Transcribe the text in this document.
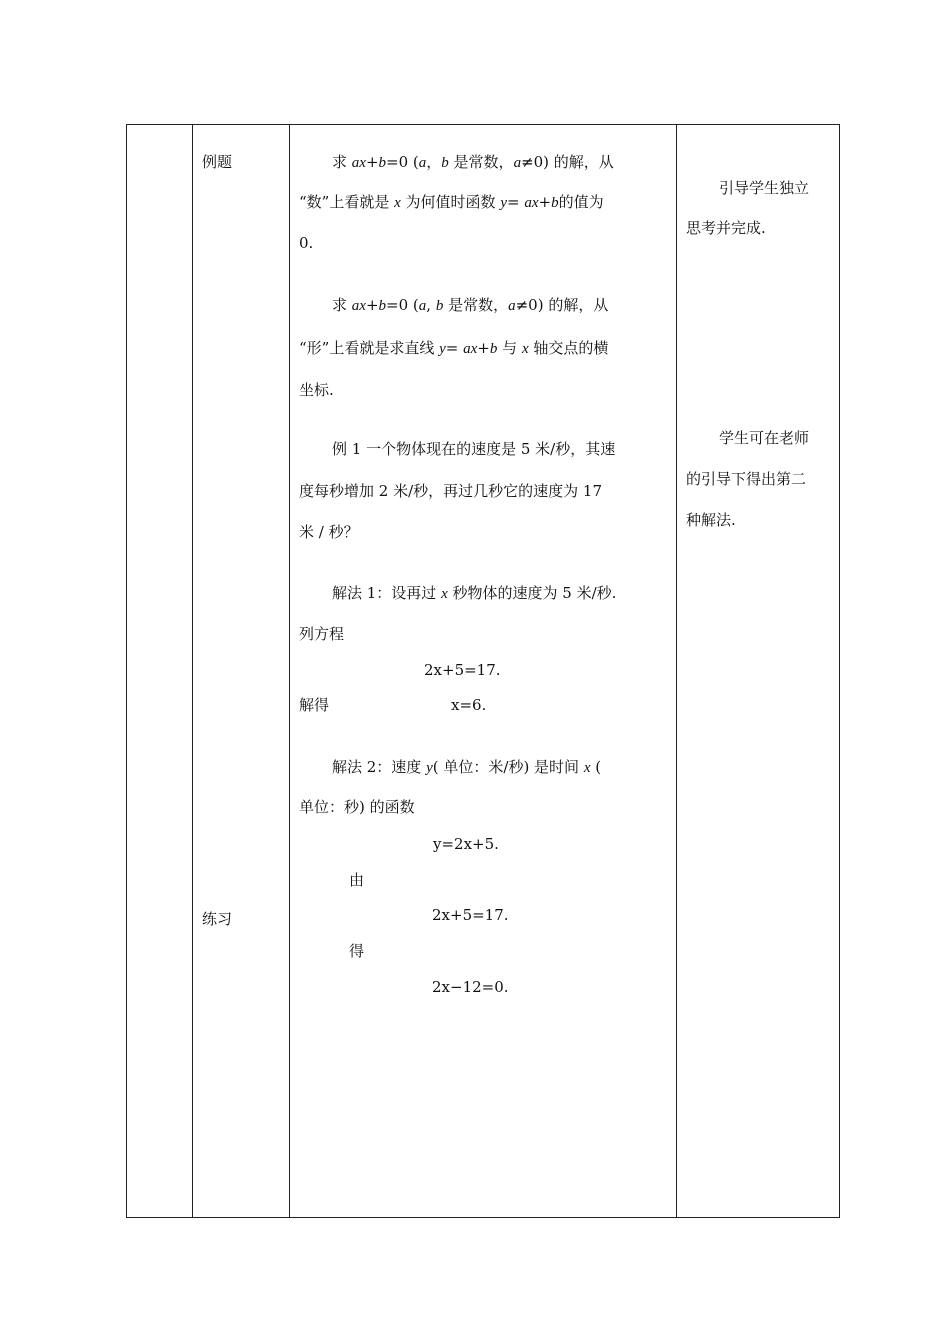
例题
练习
引导学生独立
思考并完成.
学生可在老师
的引导下得出第二
种解法.
求 ax+b=0 (a，b 是常数，a≠0) 的解，从
“数”上看就是 x 为何值时函数 y= ax+b的值为
0.
求 ax+b=0 (a, b 是常数，a≠0) 的解，从
“形”上看就是求直线 y= ax+b 与 x 轴交点的横
坐标.
例 1 一个物体现在的速度是 5 米/秒，其速
度每秒增加 2 米/秒，再过几秒它的速度为 17
米 / 秒？
解法 1：设再过 x 秒物体的速度为 5 米/秒.
列方程
2x+5=17.
解得	x=6.
解法 2：速度 y( 单位：米/秒) 是时间 x (
单位：秒) 的函数
y=2x+5.
由
2x+5=17.
得
2x−12=0.
